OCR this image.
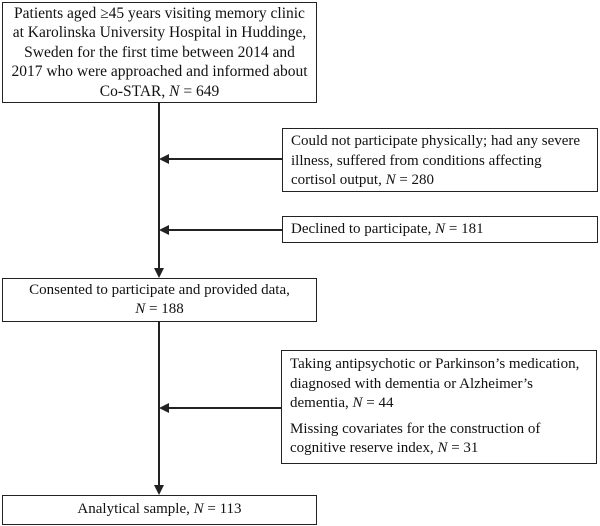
Patients aged ≥45 years visiting memory clinic
at Karolinska University Hospital in Huddinge,
Sweden for the first time between 2014 and
2017 who were approached and informed about
Co-STAR, N = 649
Could not participate physically; had any severe illness, suffered from conditions affecting cortisol output, N = 280
Declined to participate, N = 181
Consented to participate and provided data,
N = 188
Taking antipsychotic or Parkinson’s medication, diagnosed with dementia or Alzheimer’s dementia, N = 44
Missing covariates for the construction of cognitive reserve index, N = 31
Analytical sample, N = 113
